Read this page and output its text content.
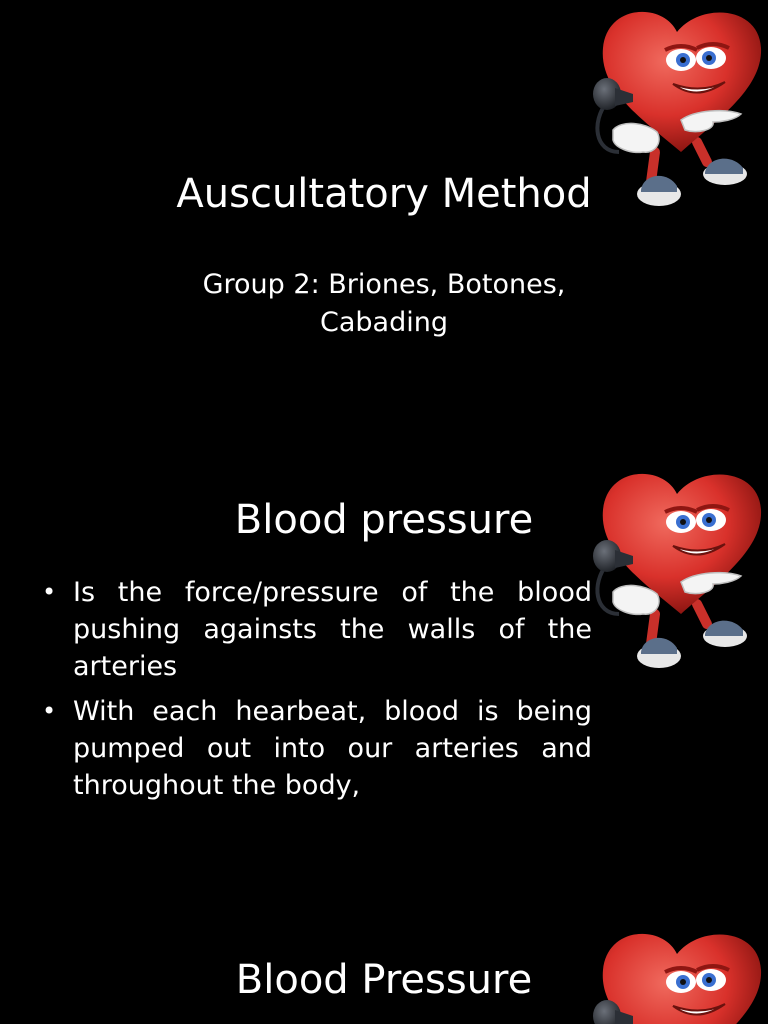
Auscultatory Method
Group 2: Briones, Botones, Cabading
Blood pressure
• Is the force/pressure of the blood pushing againsts the walls of the arteries
• With each hearbeat, blood is being pumped out into our arteries and throughout the body,
Blood Pressure
